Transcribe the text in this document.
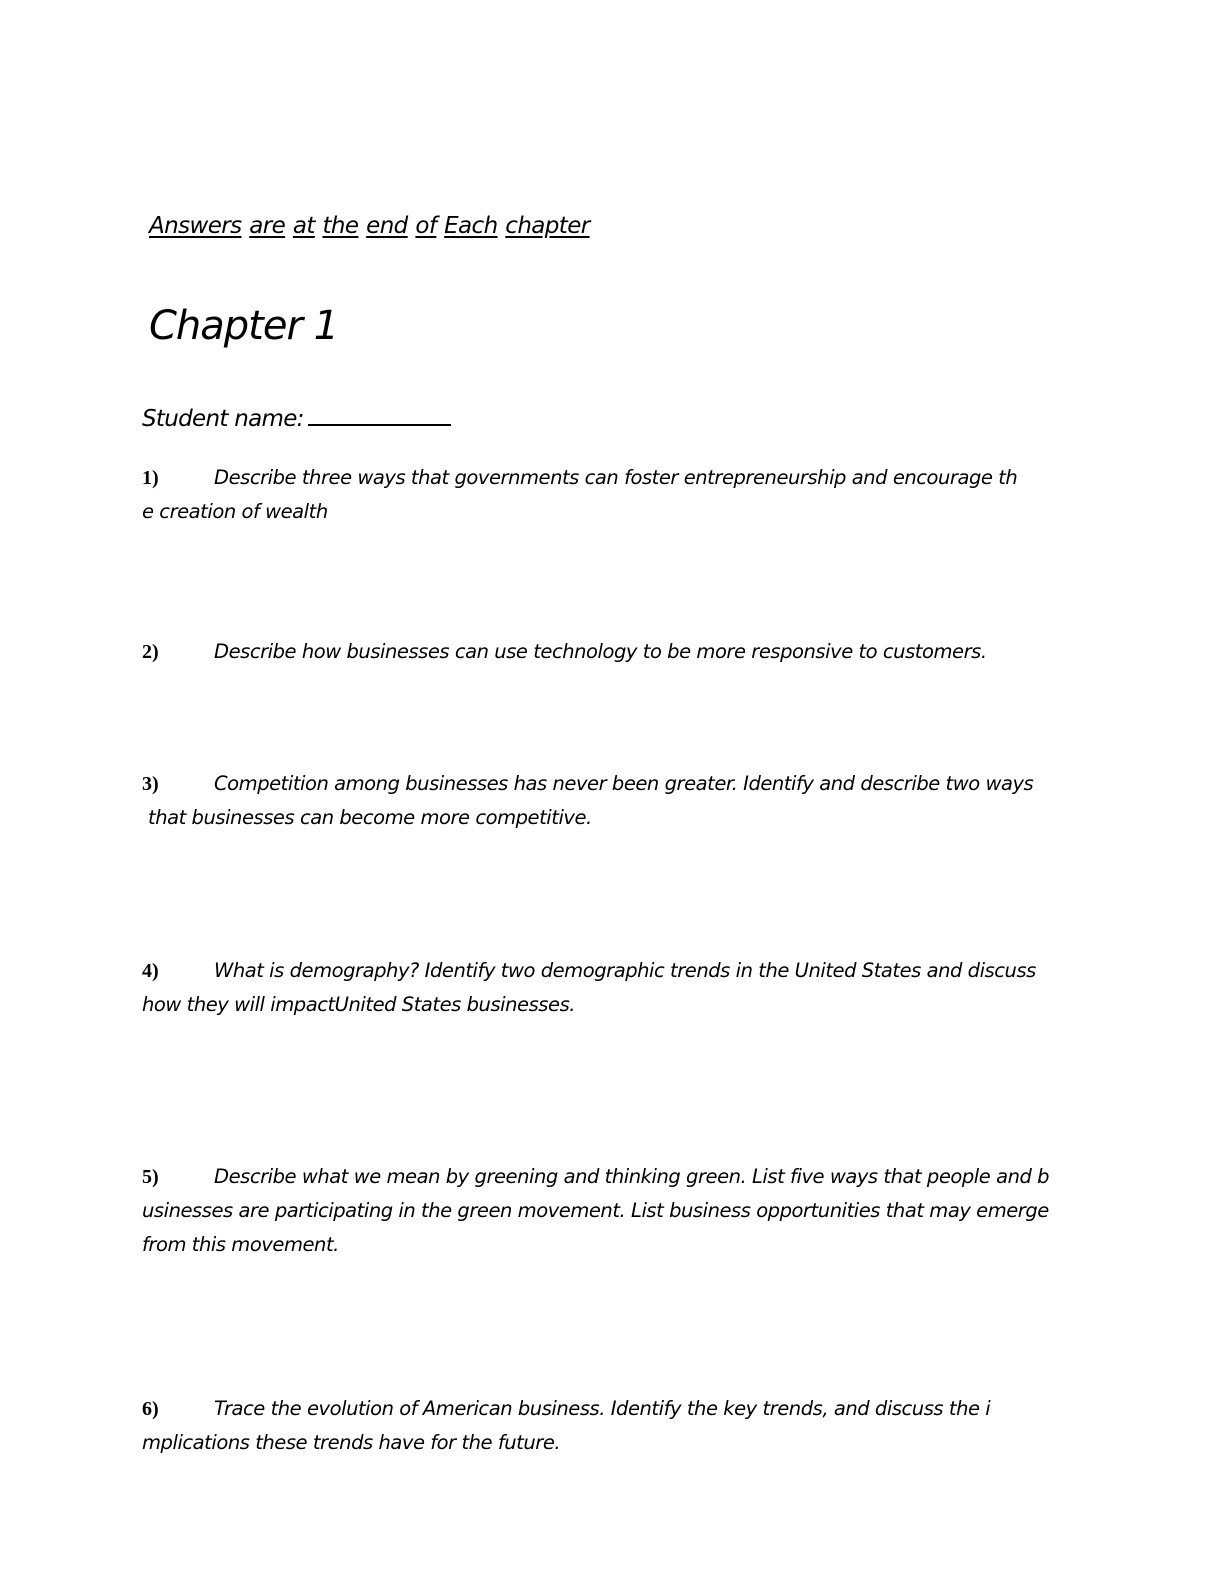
Answers are at the end of Each chapter
Chapter 1
Student name:
1)	Describe three ways that governments can foster entrepreneurship and encourage th
e creation of wealth
2)	Describe how businesses can use technology to be more responsive to customers.
3)	Competition among businesses has never been greater. Identify and describe two ways
that businesses can become more competitive.
4)	What is demography? Identify two demographic trends in the United States and discuss
how they will impactUnited States businesses.
5)	Describe what we mean by greening and thinking green. List five ways that people and b
usinesses are participating in the green movement. List business opportunities that may emerge
from this movement.
6)	Trace the evolution of American business. Identify the key trends, and discuss the i
mplications these trends have for the future.
